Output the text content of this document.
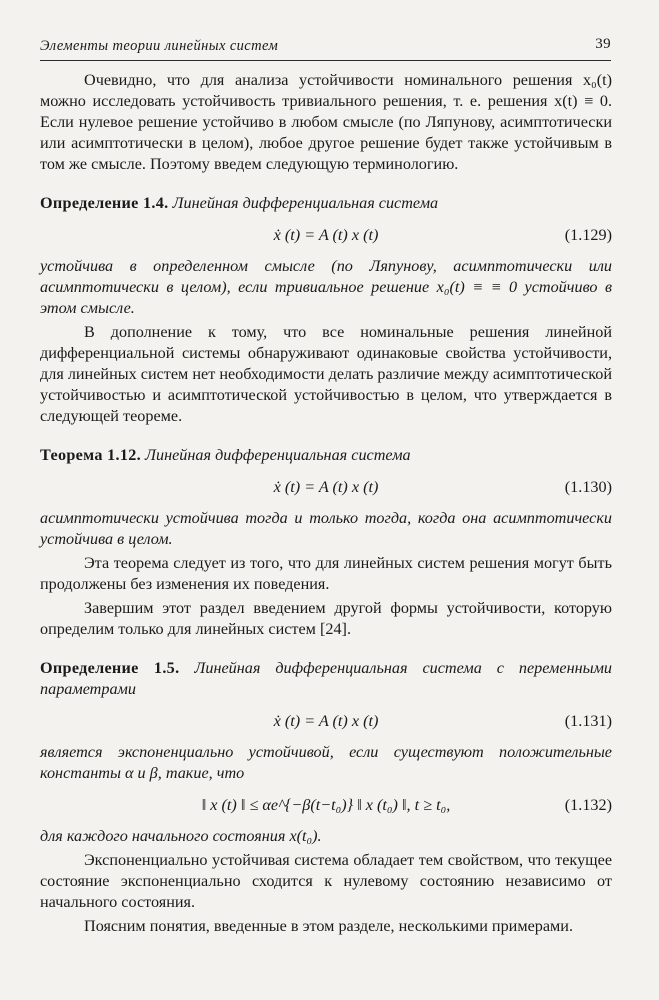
Элементы теории линейных систем	39

Очевидно, что для анализа устойчивости номинального решения x₀(t) можно исследовать устойчивость тривиального решения, т. е. решения x(t) ≡ 0. Если нулевое решение устойчиво в любом смысле (по Ляпунову, асимптотически или асимптотически в целом), любое другое решение будет также устойчивым в том же смысле. Поэтому введем следующую терминологию.

Определение 1.4. Линейная дифференциальная система

ẋ (t) = A (t) x (t)	(1.129)

устойчива в определенном смысле (по Ляпунову, асимптотически или асимптотически в целом), если тривиальное решение x₀(t) ≡ ≡ 0 устойчиво в этом смысле.

В дополнение к тому, что все номинальные решения линейной дифференциальной системы обнаруживают одинаковые свойства устойчивости, для линейных систем нет необходимости делать различие между асимптотической устойчивостью и асимптотической устойчивостью в целом, что утверждается в следующей теореме.

Теорема 1.12. Линейная дифференциальная система

ẋ (t) = A (t) x (t)	(1.130)

асимптотически устойчива тогда и только тогда, когда она асимптотически устойчива в целом.

Эта теорема следует из того, что для линейных систем решения могут быть продолжены без изменения их поведения.

Завершим этот раздел введением другой формы устойчивости, которую определим только для линейных систем [24].

Определение 1.5. Линейная дифференциальная система с переменными параметрами

ẋ (t) = A (t) x (t)	(1.131)

является экспоненциально устойчивой, если существуют положительные константы α и β, такие, что

‖ x (t) ‖ ≤ αe^{−β(t−t₀)} ‖ x (t₀) ‖, t ≥ t₀,	(1.132)

для каждого начального состояния x(t₀).

Экспоненциально устойчивая система обладает тем свойством, что текущее состояние экспоненциально сходится к нулевому состоянию независимо от начального состояния.

Поясним понятия, введенные в этом разделе, несколькими примерами.
